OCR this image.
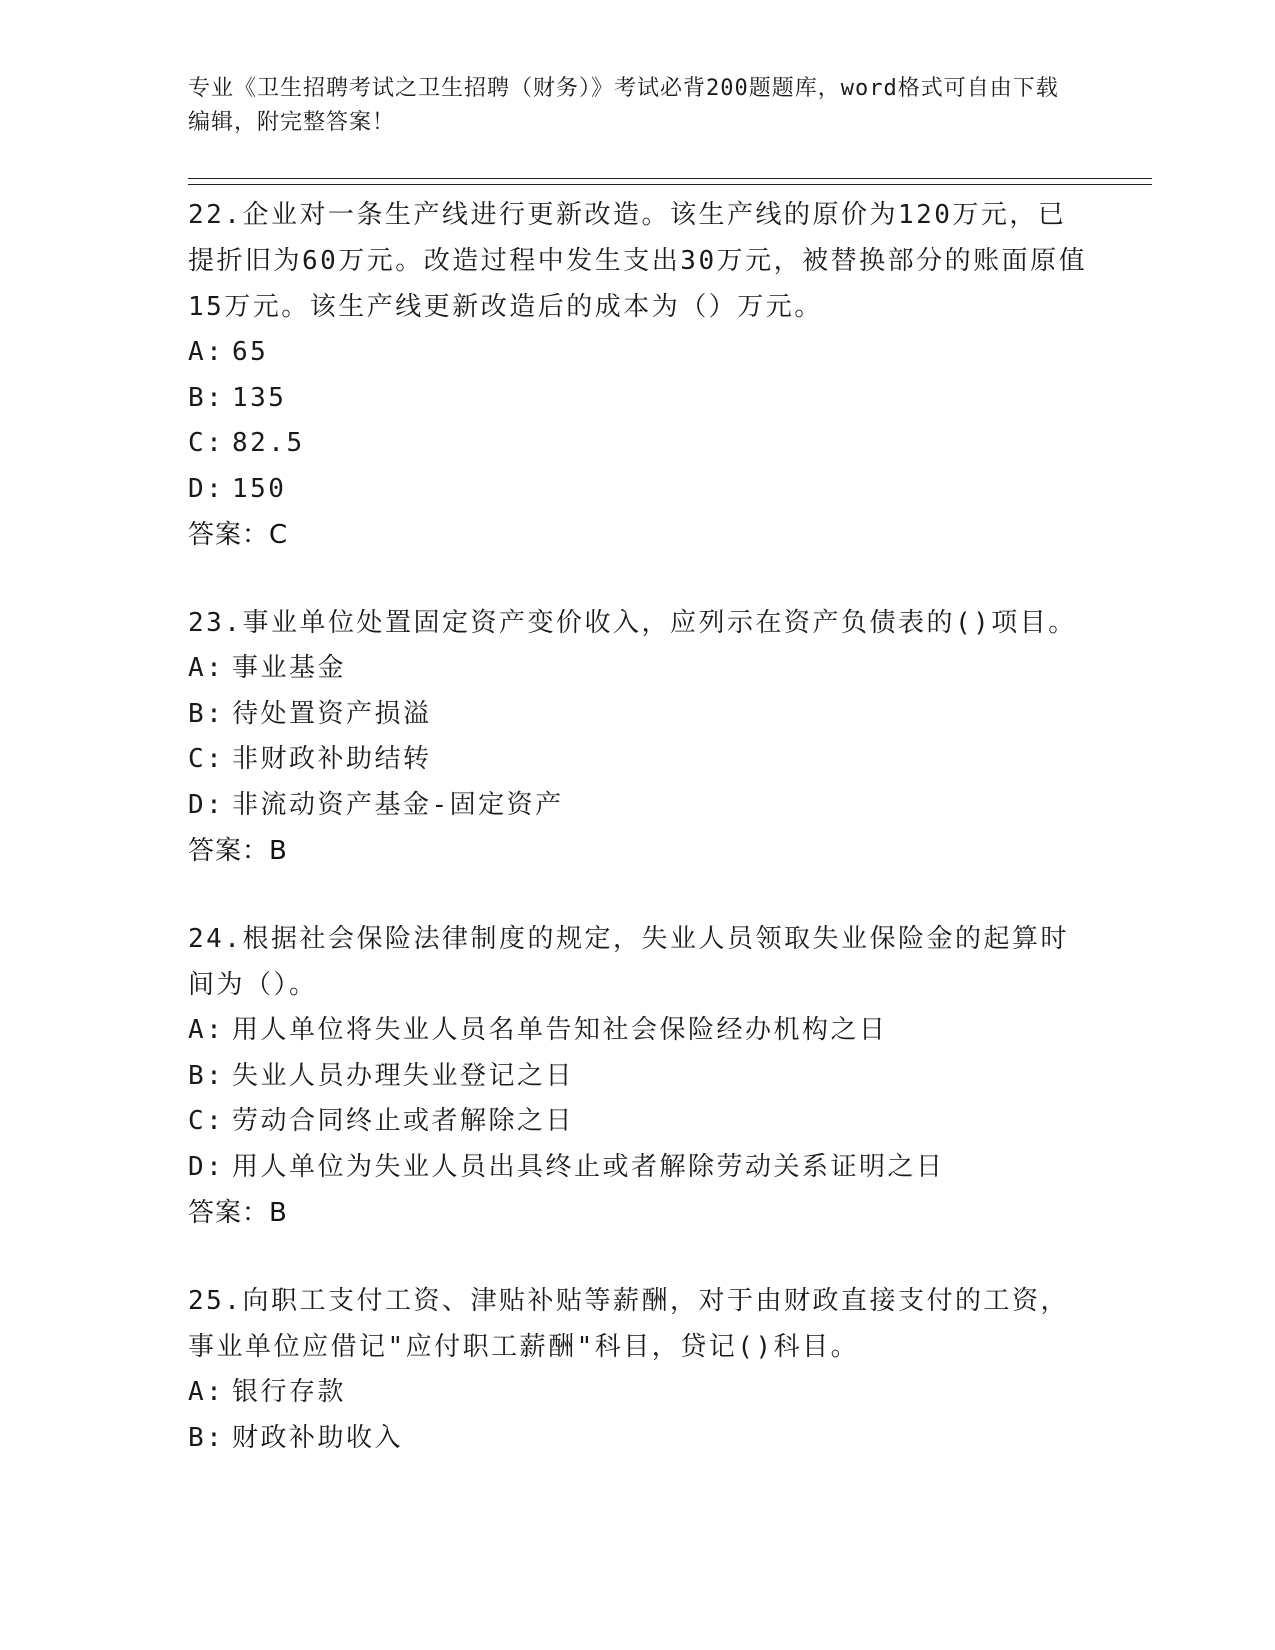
专业《卫生招聘考试之卫生招聘（财务）》考试必背200题题库，word格式可自由下载编辑，附完整答案！
22.企业对一条生产线进行更新改造。该生产线的原价为120万元，已提折旧为60万元。改造过程中发生支出30万元，被替换部分的账面原值15万元。该生产线更新改造后的成本为（）万元。
A: 65
B: 135
C: 82.5
D: 150
答案：C
23.事业单位处置固定资产变价收入，应列示在资产负债表的()项目。
A: 事业基金
B: 待处置资产损溢
C: 非财政补助结转
D: 非流动资产基金-固定资产
答案：B
24.根据社会保险法律制度的规定，失业人员领取失业保险金的起算时间为（）。
A: 用人单位将失业人员名单告知社会保险经办机构之日
B: 失业人员办理失业登记之日
C: 劳动合同终止或者解除之日
D: 用人单位为失业人员出具终止或者解除劳动关系证明之日
答案：B
25.向职工支付工资、津贴补贴等薪酬，对于由财政直接支付的工资，事业单位应借记"应付职工薪酬"科目，贷记()科目。
A: 银行存款
B: 财政补助收入
